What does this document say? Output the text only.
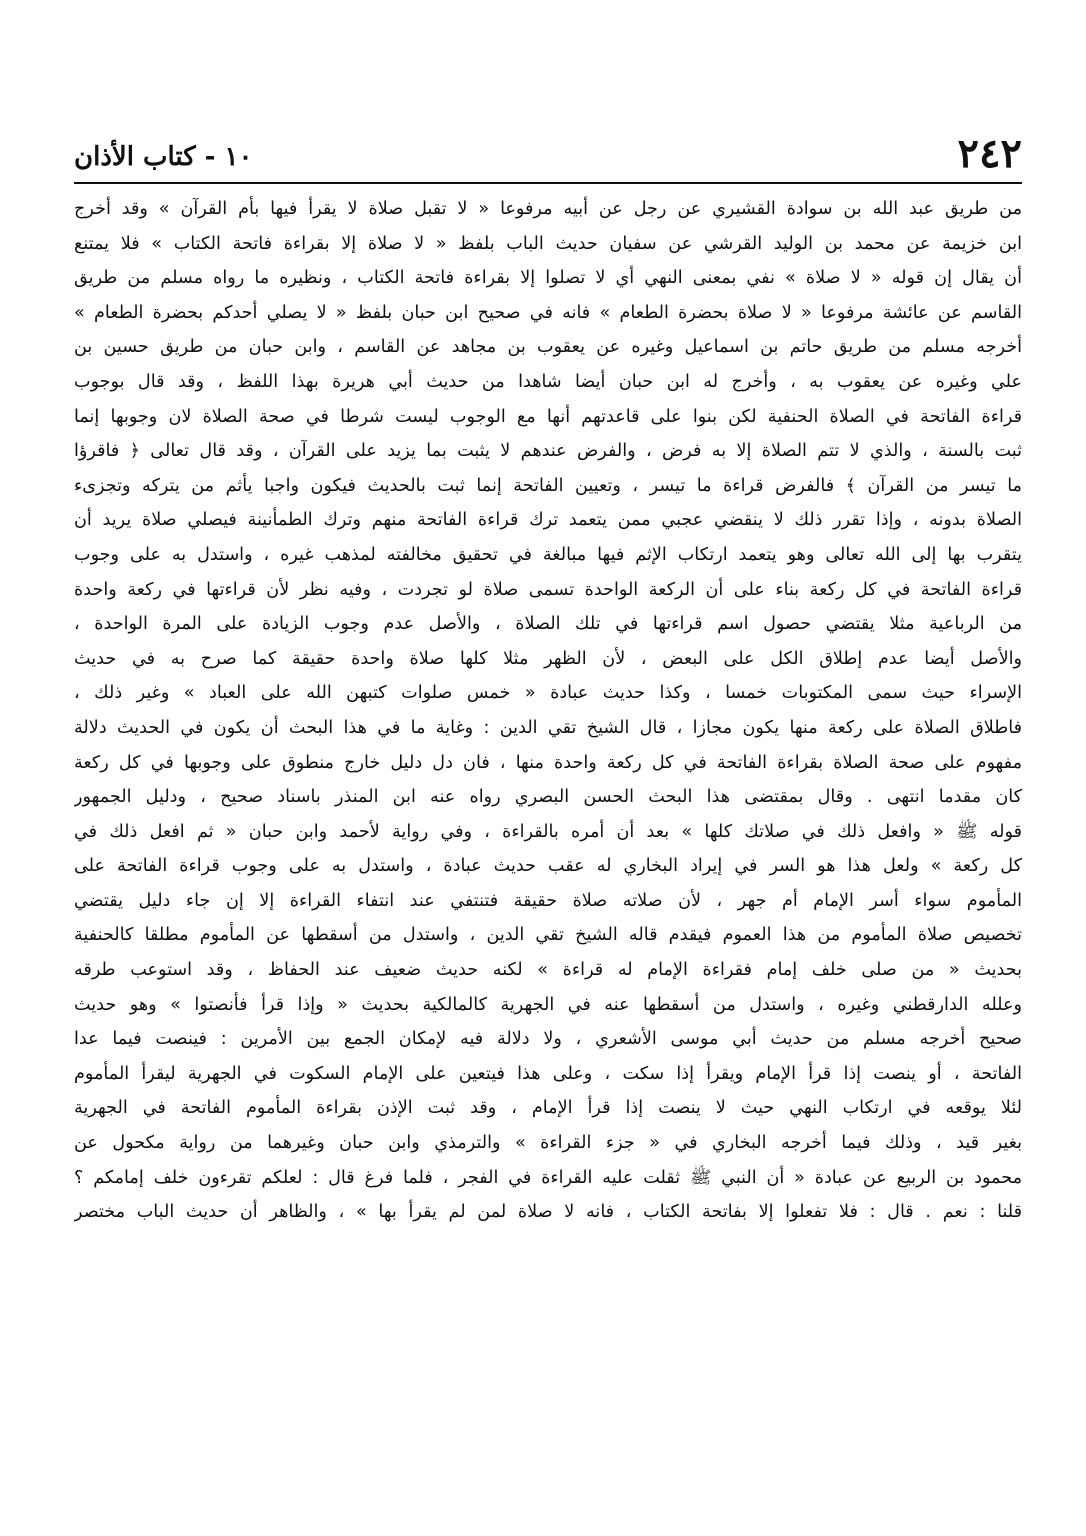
٢٤٢
١٠ - كتاب الأذان
من طريق عبد الله بن سوادة القشيري عن رجل عن أبيه مرفوعا « لا تقبل صلاة لا يقرأ فيها بأم القرآن » وقد أخرج
ابن خزيمة عن محمد بن الوليد القرشي عن سفيان حديث الباب بلفظ « لا صلاة إلا بقراءة فاتحة الكتاب » فلا يمتنع
أن يقال إن قوله « لا صلاة » نفي بمعنى النهي أي لا تصلوا إلا بقراءة فاتحة الكتاب ، ونظيره ما رواه مسلم من طريق
القاسم عن عائشة مرفوعا « لا صلاة بحضرة الطعام » فانه في صحيح ابن حبان بلفظ « لا يصلي أحدكم بحضرة الطعام »
أخرجه مسلم من طريق حاتم بن اسماعيل وغيره عن يعقوب بن مجاهد عن القاسم ، وابن حبان من طريق حسين بن
علي وغيره عن يعقوب به ، وأخرج له ابن حبان أيضا شاهدا من حديث أبي هريرة بهذا اللفظ ، وقد قال بوجوب
قراءة الفاتحة في الصلاة الحنفية لكن بنوا على قاعدتهم أنها مع الوجوب ليست شرطا في صحة الصلاة لان وجوبها إنما
ثبت بالسنة ، والذي لا تتم الصلاة إلا به فرض ، والفرض عندهم لا يثبت بما يزيد على القرآن ، وقد قال تعالى ﴿ فاقرؤا
ما تيسر من القرآن ﴾ فالفرض قراءة ما تيسر ، وتعيين الفاتحة إنما ثبت بالحديث فيكون واجبا يأثم من يتركه وتجزىء
الصلاة بدونه ، وإذا تقرر ذلك لا ينقضي عجبي ممن يتعمد ترك قراءة الفاتحة منهم وترك الطمأنينة فيصلي صلاة يريد أن
يتقرب بها إلى الله تعالى وهو يتعمد ارتكاب الإثم فيها مبالغة في تحقيق مخالفته لمذهب غيره ، واستدل به على وجوب
قراءة الفاتحة في كل ركعة بناء على أن الركعة الواحدة تسمى صلاة لو تجردت ، وفيه نظر لأن قراءتها في ركعة واحدة
من الرباعية مثلا يقتضي حصول اسم قراءتها في تلك الصلاة ، والأصل عدم وجوب الزيادة على المرة الواحدة ،
والأصل أيضا عدم إطلاق الكل على البعض ، لأن الظهر مثلا كلها صلاة واحدة حقيقة كما صرح به في حديث
الإسراء حيث سمى المكتوبات خمسا ، وكذا حديث عبادة « خمس صلوات كتبهن الله على العباد » وغير ذلك ،
فاطلاق الصلاة على ركعة منها يكون مجازا ، قال الشيخ تقي الدين : وغاية ما في هذا البحث أن يكون في الحديث دلالة
مفهوم على صحة الصلاة بقراءة الفاتحة في كل ركعة واحدة منها ، فان دل دليل خارج منطوق على وجوبها في كل ركعة
كان مقدما انتهى . وقال بمقتضى هذا البحث الحسن البصري رواه عنه ابن المنذر باسناد صحيح ، ودليل الجمهور
قوله ﷺ « وافعل ذلك في صلاتك كلها » بعد أن أمره بالقراءة ، وفي رواية لأحمد وابن حبان « ثم افعل ذلك في
كل ركعة » ولعل هذا هو السر في إيراد البخاري له عقب حديث عبادة ، واستدل به على وجوب قراءة الفاتحة على
المأموم سواء أسر الإمام أم جهر ، لأن صلاته صلاة حقيقة فتنتفي عند انتفاء القراءة إلا إن جاء دليل يقتضي
تخصيص صلاة المأموم من هذا العموم فيقدم قاله الشيخ تقي الدين ، واستدل من أسقطها عن المأموم مطلقا كالحنفية
بحديث « من صلى خلف إمام فقراءة الإمام له قراءة » لكنه حديث ضعيف عند الحفاظ ، وقد استوعب طرقه
وعلله الدارقطني وغيره ، واستدل من أسقطها عنه في الجهرية كالمالكية بحديث « وإذا قرأ فأنصتوا » وهو حديث
صحيح أخرجه مسلم من حديث أبي موسى الأشعري ، ولا دلالة فيه لإمكان الجمع بين الأمرين : فينصت فيما عدا
الفاتحة ، أو ينصت إذا قرأ الإمام ويقرأ إذا سكت ، وعلى هذا فيتعين على الإمام السكوت في الجهرية ليقرأ المأموم
لئلا يوقعه في ارتكاب النهي حيث لا ينصت إذا قرأ الإمام ، وقد ثبت الإذن بقراءة المأموم الفاتحة في الجهرية
بغير قيد ، وذلك فيما أخرجه البخاري في « جزء القراءة » والترمذي وابن حبان وغيرهما من رواية مكحول عن
محمود بن الربيع عن عبادة « أن النبي ﷺ ثقلت عليه القراءة في الفجر ، فلما فرغ قال : لعلكم تقرءون خلف إمامكم ؟
قلنا : نعم . قال : فلا تفعلوا إلا بفاتحة الكتاب ، فانه لا صلاة لمن لم يقرأ بها » ، والظاهر أن حديث الباب مختصر
